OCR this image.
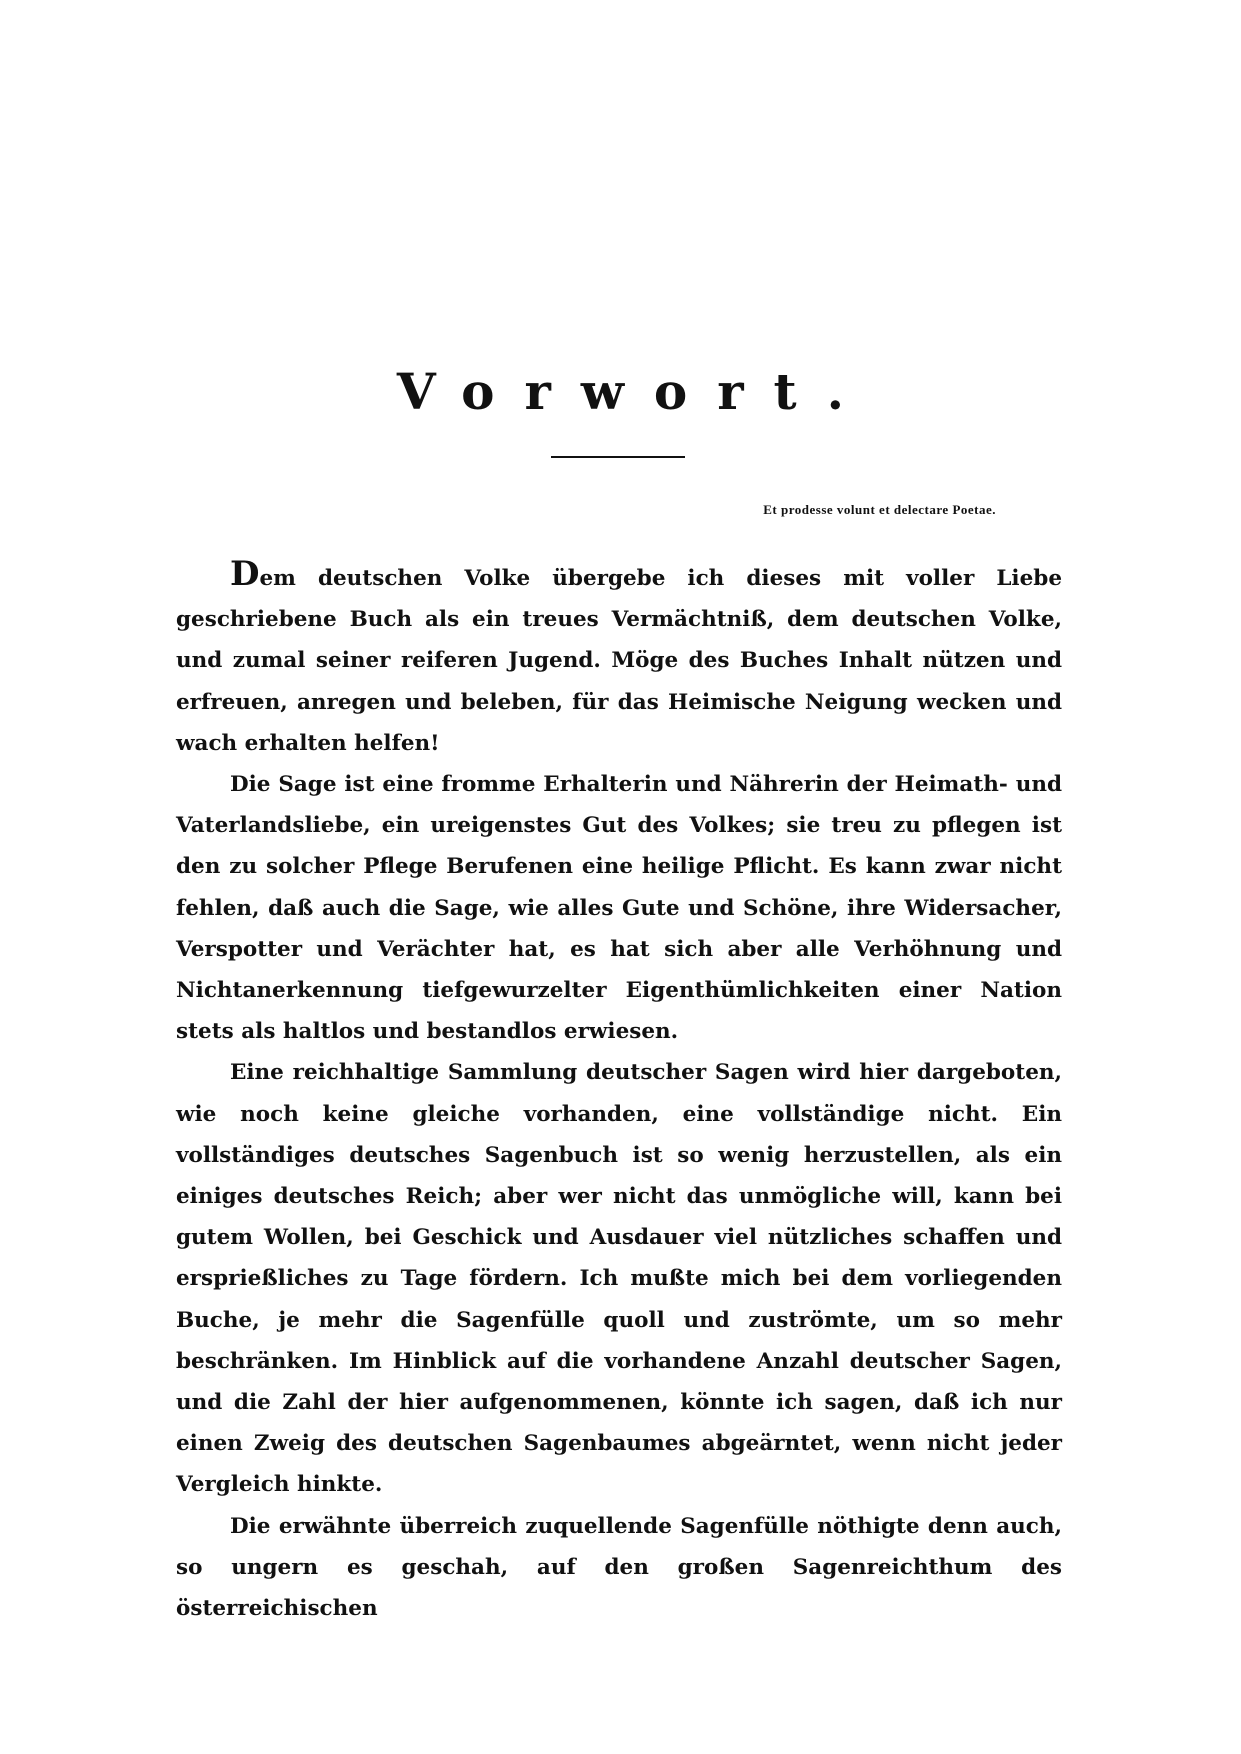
Vorwort.
Et prodesse volunt et delectare Poetae.

Dem deutschen Volke übergebe ich dieses mit voller Liebe geschriebene Buch als ein treues Vermächtniß, dem deutschen Volke, und zumal seiner reiferen Jugend. Möge des Buches Inhalt nützen und erfreuen, anregen und beleben, für das Heimische Neigung wecken und wach erhalten helfen!

Die Sage ist eine fromme Erhalterin und Nährerin der Heimath- und Vaterlandsliebe, ein ureigenstes Gut des Volkes; sie treu zu pflegen ist den zu solcher Pflege Berufenen eine heilige Pflicht. Es kann zwar nicht fehlen, daß auch die Sage, wie alles Gute und Schöne, ihre Widersacher, Verspotter und Verächter hat, es hat sich aber alle Verhöhnung und Nichtanerkennung tiefgewurzelter Eigenthümlichkeiten einer Nation stets als haltlos und bestandlos erwiesen.

Eine reichhaltige Sammlung deutscher Sagen wird hier dargeboten, wie noch keine gleiche vorhanden, eine vollständige nicht. Ein vollständiges deutsches Sagenbuch ist so wenig herzustellen, als ein einiges deutsches Reich; aber wer nicht das unmögliche will, kann bei gutem Wollen, bei Geschick und Ausdauer viel nützliches schaffen und ersprießliches zu Tage fördern. Ich mußte mich bei dem vorliegenden Buche, je mehr die Sagenfülle quoll und zuströmte, um so mehr beschränken. Im Hinblick auf die vorhandene Anzahl deutscher Sagen, und die Zahl der hier aufgenommenen, könnte ich sagen, daß ich nur einen Zweig des deutschen Sagenbaumes abgeärntet, wenn nicht jeder Vergleich hinkte.

Die erwähnte überreich zuquellende Sagenfülle nöthigte denn auch, so ungern es geschah, auf den großen Sagenreichthum des österreichischen
